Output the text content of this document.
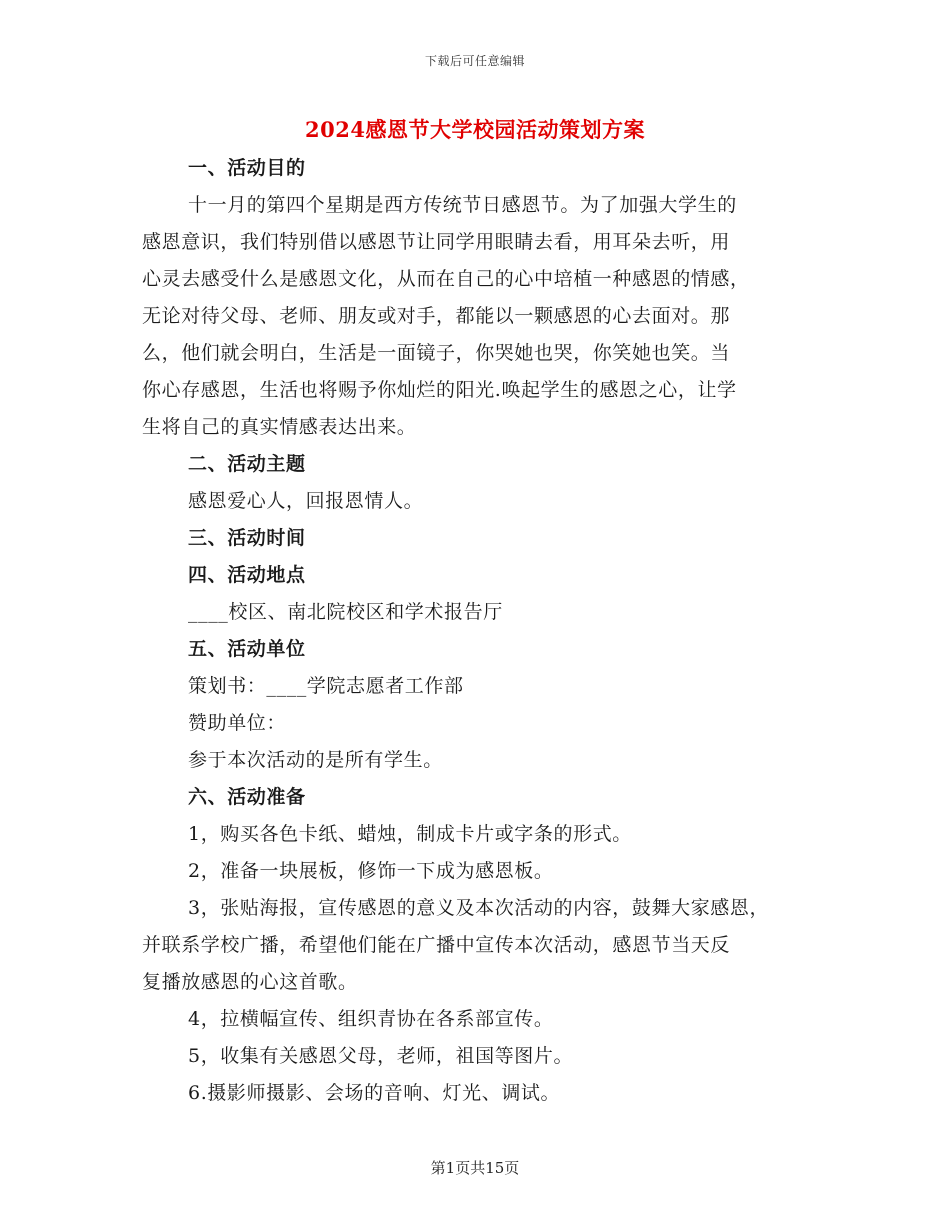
下载后可任意编辑
2024感恩节大学校园活动策划方案
一、活动目的
十一月的第四个星期是西方传统节日感恩节。为了加强大学生的
感恩意识，我们特别借以感恩节让同学用眼睛去看，用耳朵去听，用
心灵去感受什么是感恩文化，从而在自己的心中培植一种感恩的情感，
无论对待父母、老师、朋友或对手，都能以一颗感恩的心去面对。那
么，他们就会明白，生活是一面镜子，你哭她也哭，你笑她也笑。当
你心存感恩，生活也将赐予你灿烂的阳光.唤起学生的感恩之心，让学
生将自己的真实情感表达出来。
二、活动主题
感恩爱心人，回报恩情人。
三、活动时间
四、活动地点
____校区、南北院校区和学术报告厅
五、活动单位
策划书：____学院志愿者工作部
赞助单位：
参于本次活动的是所有学生。
六、活动准备
1，购买各色卡纸、蜡烛，制成卡片或字条的形式。
2，准备一块展板，修饰一下成为感恩板。
3，张贴海报，宣传感恩的意义及本次活动的内容，鼓舞大家感恩，
并联系学校广播，希望他们能在广播中宣传本次活动，感恩节当天反
复播放感恩的心这首歌。
4，拉横幅宣传、组织青协在各系部宣传。
5，收集有关感恩父母，老师，祖国等图片。
6.摄影师摄影、会场的音响、灯光、调试。
第1页共15页
